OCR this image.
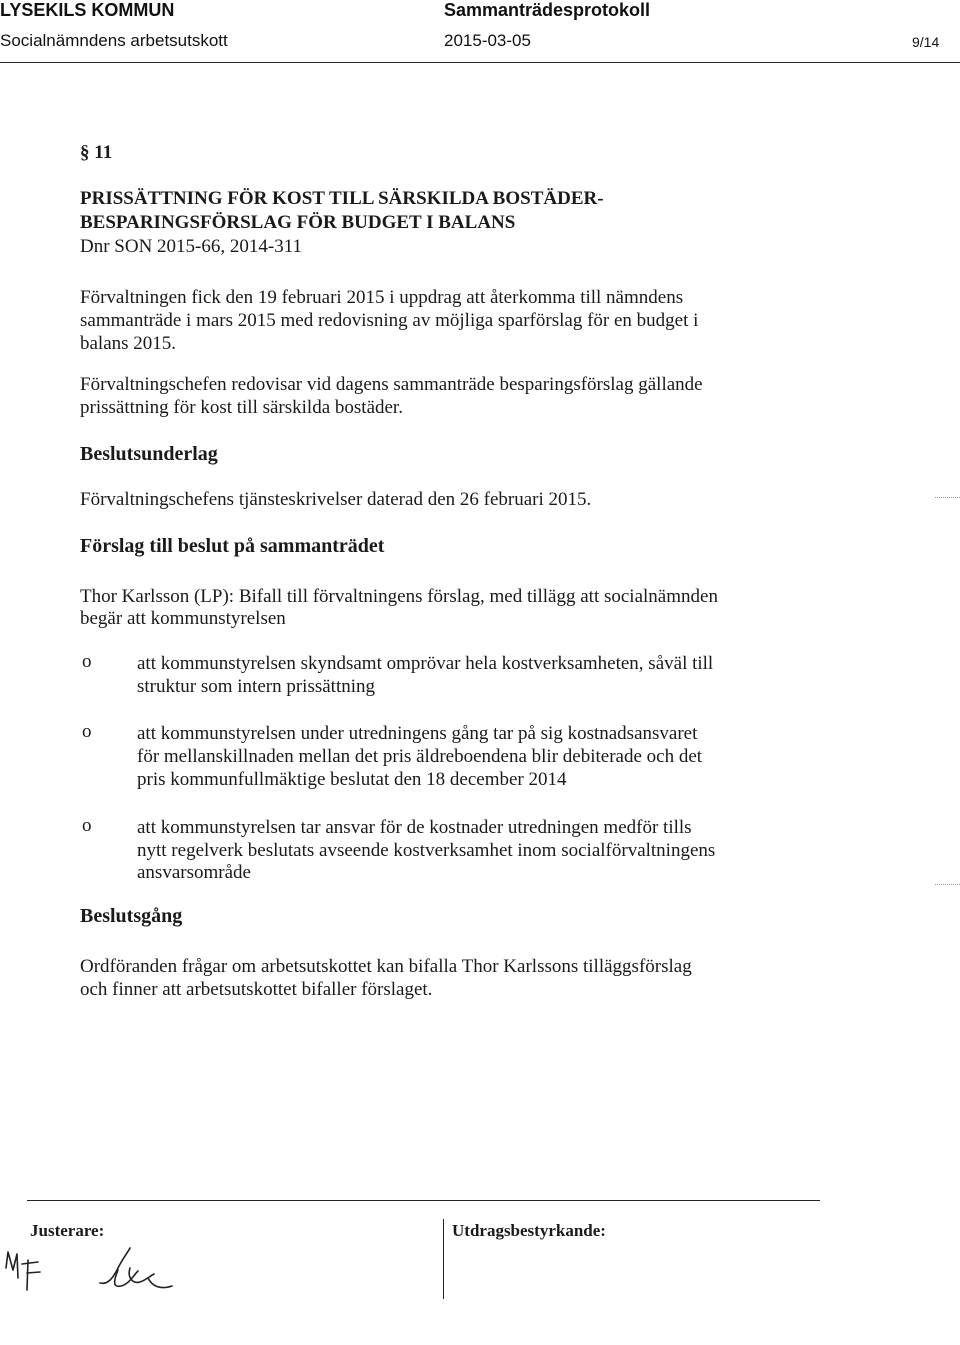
LYSEKILS KOMMUN
Socialnämndens arbetsutskott
Sammanträdesprotokoll
2015-03-05	9/14
§ 11
PRISSÄTTNING FÖR KOST TILL SÄRSKILDA BOSTÄDER-
BESPARINGSFÖRSLAG FÖR BUDGET I BALANS
Dnr SON 2015-66, 2014-311
Förvaltningen fick den 19 februari 2015 i uppdrag att återkomma till nämndens
sammanträde i mars 2015 med redovisning av möjliga sparförslag för en budget i
balans 2015.
Förvaltningschefen redovisar vid dagens sammanträde besparingsförslag gällande
prissättning för kost till särskilda bostäder.
Beslutsunderlag
Förvaltningschefens tjänsteskrivelser daterad den 26 februari 2015.
Förslag till beslut på sammanträdet
Thor Karlsson (LP): Bifall till förvaltningens förslag, med tillägg att socialnämnden
begär att kommunstyrelsen
o att kommunstyrelsen skyndsamt omprövar hela kostverksamheten, såväl till
struktur som intern prissättning
o att kommunstyrelsen under utredningens gång tar på sig kostnadsansvaret
för mellanskillnaden mellan det pris äldreboendena blir debiterade och det
pris kommunfullmäktige beslutat den 18 december 2014
o att kommunstyrelsen tar ansvar för de kostnader utredningen medför tills
nytt regelverk beslutats avseende kostverksamhet inom socialförvaltningens
ansvarsområde
Beslutsgång
Ordföranden frågar om arbetsutskottet kan bifalla Thor Karlssons tilläggsförslag
och finner att arbetsutskottet bifaller förslaget.
Justerare:	Utdragsbestyrkande:
